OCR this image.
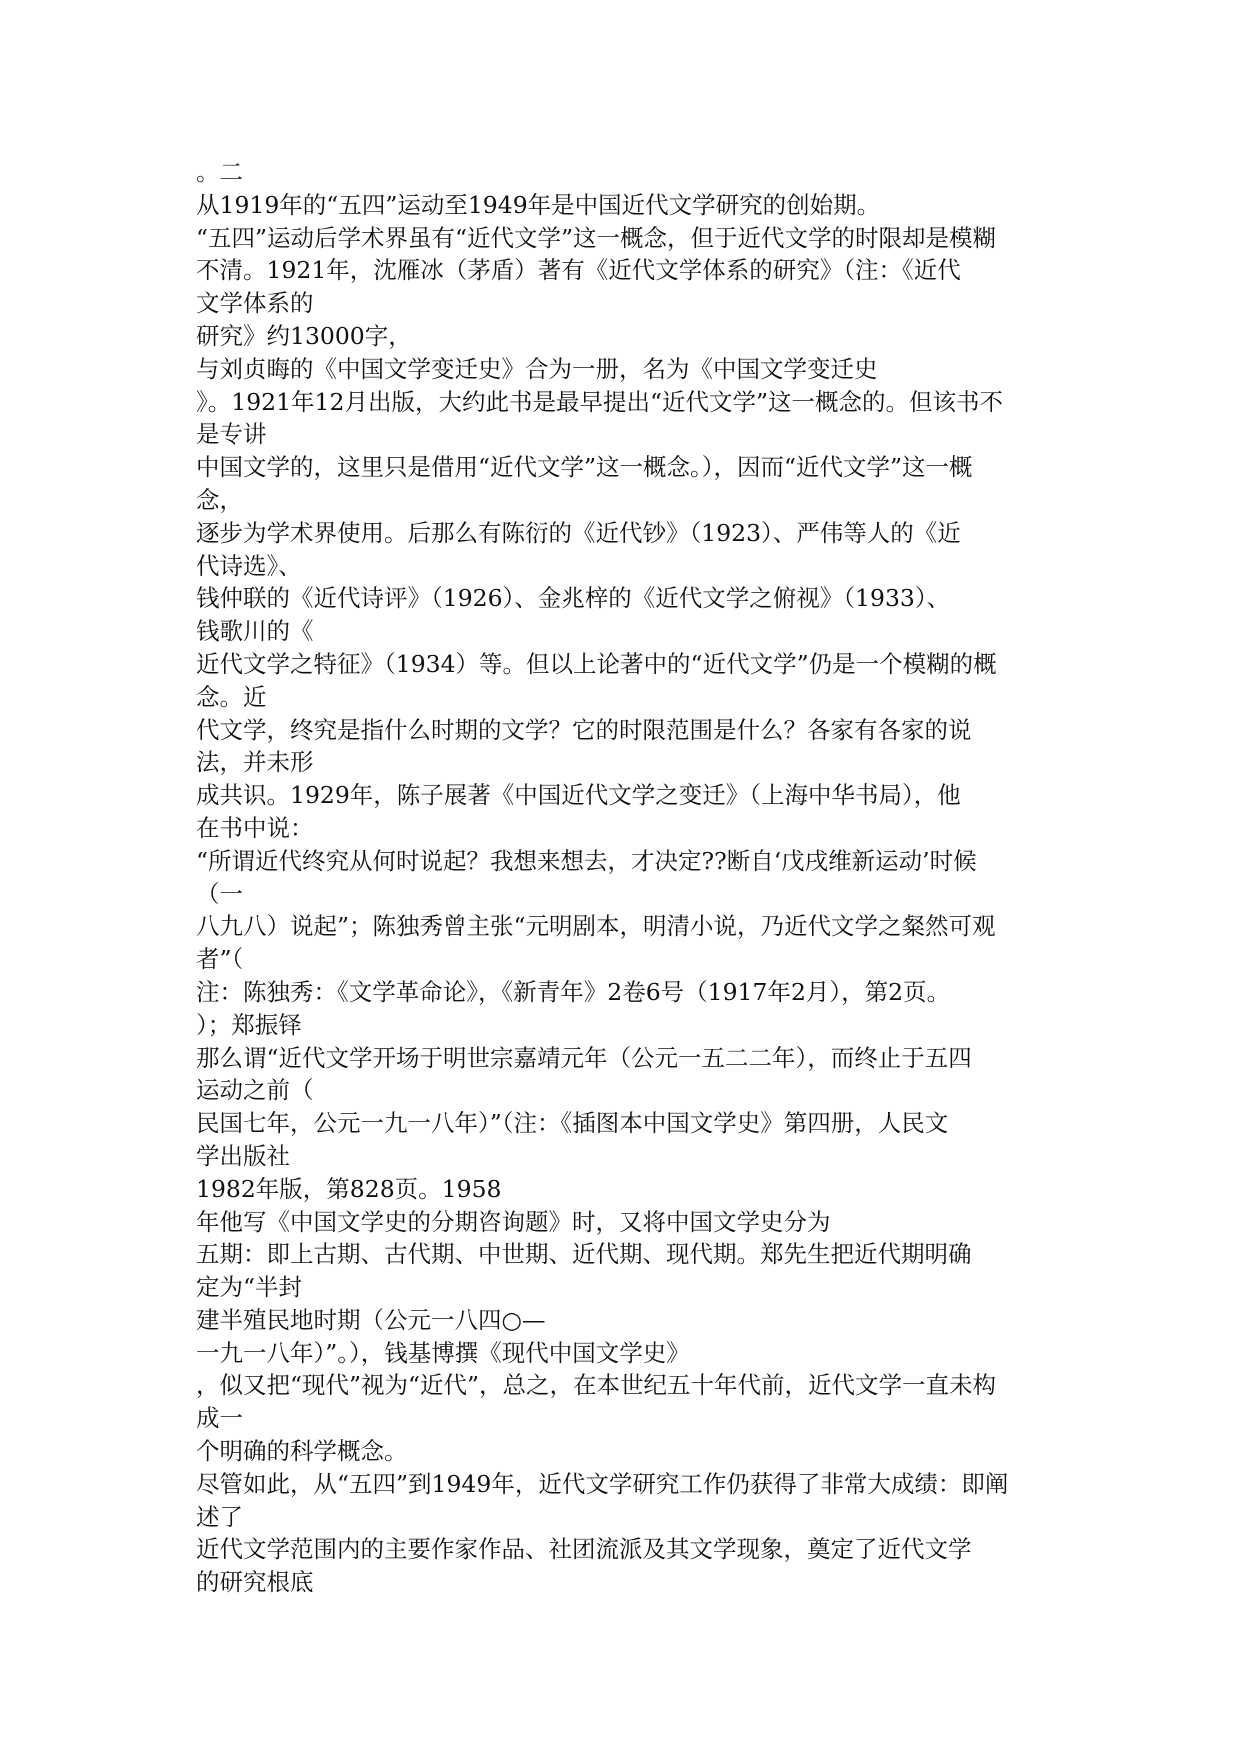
。二
从1919年的“五四”运动至1949年是中国近代文学研究的创始期。
“五四”运动后学术界虽有“近代文学”这一概念，但于近代文学的时限却是模糊
不清。1921年，沈雁冰（茅盾）著有《近代文学体系的研究》（注：《近代
文学体系的
研究》约13000字，
与刘贞晦的《中国文学变迁史》合为一册，名为《中国文学变迁史
》。1921年12月出版，大约此书是最早提出“近代文学”这一概念的。但该书不
是专讲
中国文学的，这里只是借用“近代文学”这一概念。），因而“近代文学”这一概
念，
逐步为学术界使用。后那么有陈衍的《近代钞》（1923）、严伟等人的《近
代诗选》、
钱仲联的《近代诗评》（1926）、金兆梓的《近代文学之俯视》（1933）、
钱歌川的《
近代文学之特征》（1934）等。但以上论著中的“近代文学”仍是一个模糊的概
念。近
代文学，终究是指什么时期的文学？它的时限范围是什么？各家有各家的说
法，并未形
成共识。1929年，陈子展著《中国近代文学之变迁》（上海中华书局），他
在书中说：
“所谓近代终究从何时说起？我想来想去，才决定??断自‘戊戌维新运动’时候
（一
八九八）说起”；陈独秀曾主张“元明剧本，明清小说，乃近代文学之粲然可观
者”（
注：陈独秀：《文学革命论》，《新青年》2卷6号（1917年2月），第2页。
）；郑振铎
那么谓“近代文学开场于明世宗嘉靖元年（公元一五二二年），而终止于五四
运动之前（
民国七年，公元一九一八年）”（注：《插图本中国文学史》第四册，人民文
学出版社
1982年版，第828页。1958
年他写《中国文学史的分期咨询题》时，又将中国文学史分为
五期：即上古期、古代期、中世期、近代期、现代期。郑先生把近代期明确
定为“半封
建半殖民地时期（公元一八四○—
一九一八年）”。），钱基博撰《现代中国文学史》
，似又把“现代”视为“近代”，总之，在本世纪五十年代前，近代文学一直未构
成一
个明确的科学概念。
尽管如此，从“五四”到1949年，近代文学研究工作仍获得了非常大成绩：即阐
述了
近代文学范围内的主要作家作品、社团流派及其文学现象，奠定了近代文学
的研究根底
